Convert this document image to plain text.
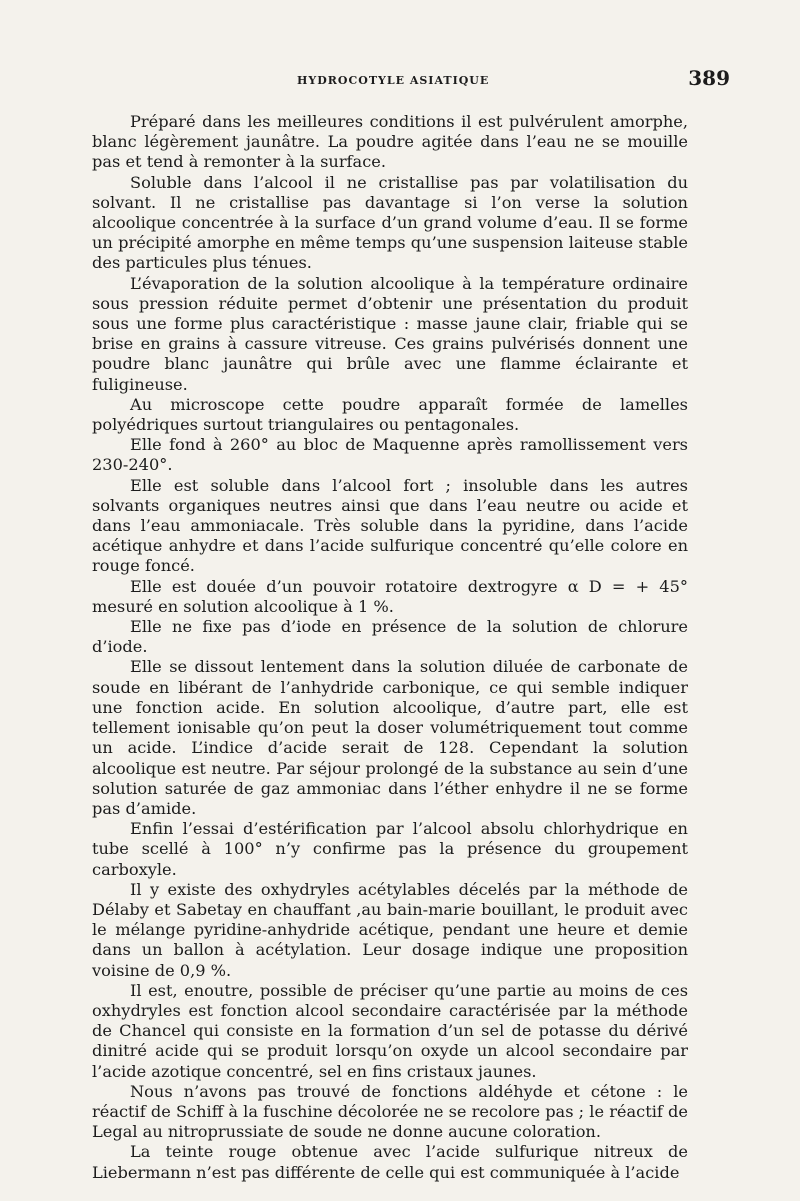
HYDROCOTYLE ASIATIQUE	389

Préparé dans les meilleures conditions il est pulvérulent amorphe, blanc légèrement jaunâtre. La poudre agitée dans l’eau ne se mouille pas et tend à remonter à la surface.

Soluble dans l’alcool il ne cristallise pas par volatilisation du solvant. Il ne cristallise pas davantage si l’on verse la solution alcoolique concentrée à la surface d’un grand volume d’eau. Il se forme un précipité amorphe en même temps qu’une suspension laiteuse stable des particules plus ténues.

L’évaporation de la solution alcoolique à la température ordinaire sous pression réduite permet d’obtenir une présentation du produit sous une forme plus caractéristique : masse jaune clair, friable qui se brise en grains à cassure vitreuse. Ces grains pulvérisés donnent une poudre blanc jaunâtre qui brûle avec une flamme éclairante et fuligineuse.

Au microscope cette poudre apparaît formée de lamelles polyédriques surtout triangulaires ou pentagonales.

Elle fond à 260° au bloc de Maquenne après ramollissement vers 230-240°.

Elle est soluble dans l’alcool fort ; insoluble dans les autres solvants organiques neutres ainsi que dans l’eau neutre ou acide et dans l’eau ammoniacale. Très soluble dans la pyridine, dans l’acide acétique anhydre et dans l’acide sulfurique concentré qu’elle colore en rouge foncé.

Elle est douée d’un pouvoir rotatoire dextrogyre α D = + 45° mesuré en solution alcoolique à 1 %.

Elle ne fixe pas d’iode en présence de la solution de chlorure d’iode.

Elle se dissout lentement dans la solution diluée de carbonate de soude en libérant de l’anhydride carbonique, ce qui semble indiquer une fonction acide. En solution alcoolique, d’autre part, elle est tellement ionisable qu’on peut la doser volumétriquement tout comme un acide. L’indice d’acide serait de 128. Cependant la solution alcoolique est neutre. Par séjour prolongé de la substance au sein d’une solution saturée de gaz ammoniac dans l’éther enhydre il ne se forme pas d’amide.

Enfin l’essai d’estérification par l’alcool absolu chlorhydrique en tube scellé à 100° n’y confirme pas la présence du groupement carboxyle.

Il y existe des oxhydryles acétylables décelés par la méthode de Délaby et Sabetay en chauffant ,au bain-marie bouillant, le produit avec le mélange pyridine-anhydride acétique, pendant une heure et demie dans un ballon à acétylation. Leur dosage indique une proposition voisine de 0,9 %.

Il est, enoutre, possible de préciser qu’une partie au moins de ces oxhydryles est fonction alcool secondaire caractérisée par la méthode de Chancel qui consiste en la formation d’un sel de potasse du dérivé dinitré acide qui se produit lorsqu’on oxyde un alcool secondaire par l’acide azotique concentré, sel en fins cristaux jaunes.

Nous n’avons pas trouvé de fonctions aldéhyde et cétone : le réactif de Schiff à la fuschine décolorée ne se recolore pas ; le réactif de Legal au nitroprussiate de soude ne donne aucune coloration.

La teinte rouge obtenue avec l’acide sulfurique nitreux de Liebermann n’est pas différente de celle qui est communiquée à l’acide
